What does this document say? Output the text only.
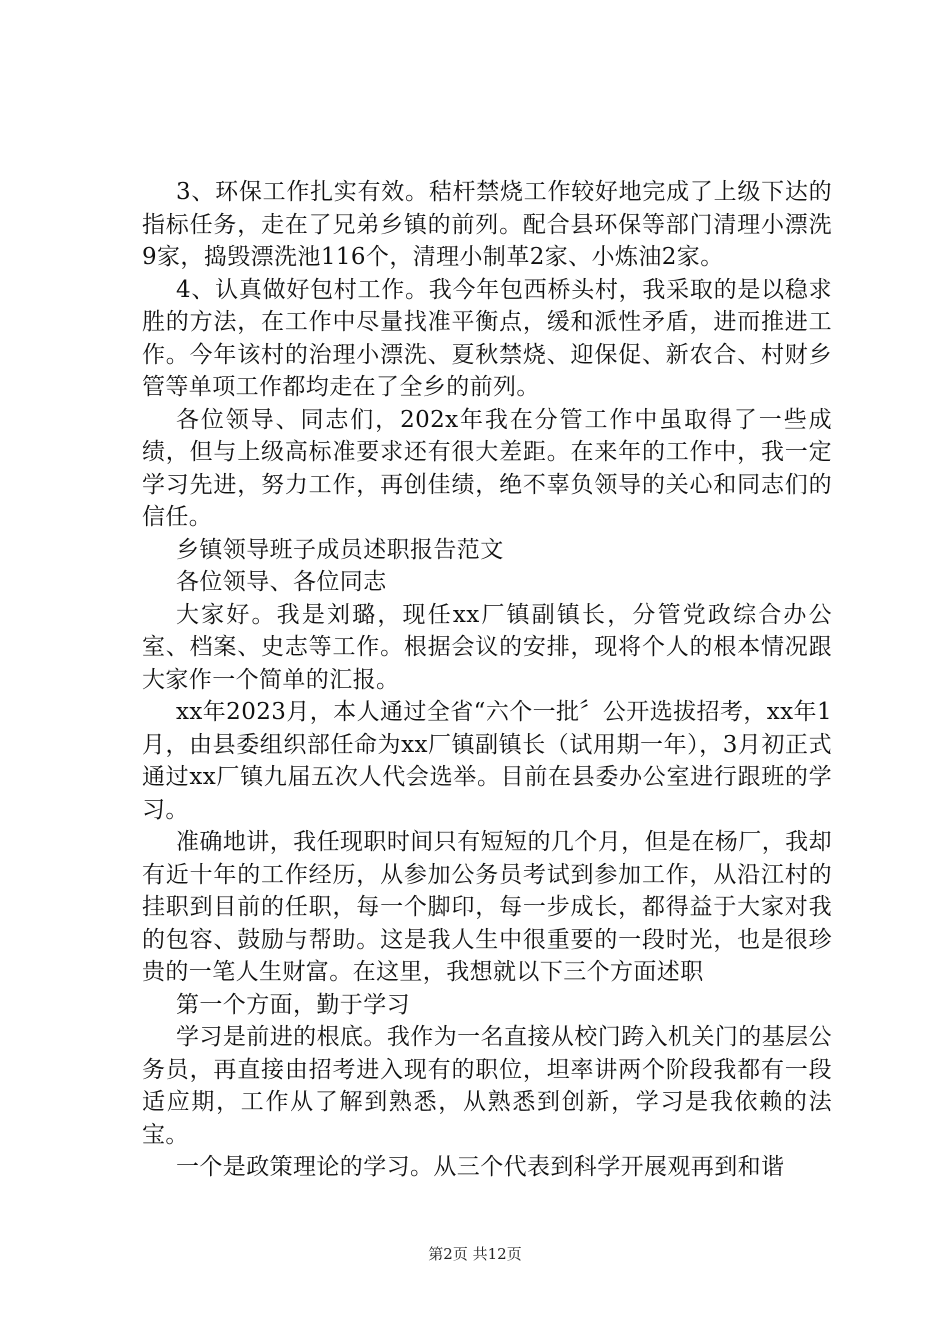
3、环保工作扎实有效。秸杆禁烧工作较好地完成了上级下达的指标任务，走在了兄弟乡镇的前列。配合县环保等部门清理小漂洗9家，捣毁漂洗池116个，清理小制革2家、小炼油2家。

4、认真做好包村工作。我今年包西桥头村，我采取的是以稳求胜的方法，在工作中尽量找准平衡点，缓和派性矛盾，进而推进工作。今年该村的治理小漂洗、夏秋禁烧、迎保促、新农合、村财乡管等单项工作都均走在了全乡的前列。

各位领导、同志们，202x年我在分管工作中虽取得了一些成绩，但与上级高标准要求还有很大差距。在来年的工作中，我一定学习先进，努力工作，再创佳绩，绝不辜负领导的关心和同志们的信任。

乡镇领导班子成员述职报告范文

各位领导、各位同志

大家好。我是刘璐，现任xx厂镇副镇长，分管党政综合办公室、档案、史志等工作。根据会议的安排，现将个人的根本情况跟大家作一个简单的汇报。

xx年2023月，本人通过全省“六个一批〞公开选拔招考，xx年1月，由县委组织部任命为xx厂镇副镇长（试用期一年），3月初正式通过xx厂镇九届五次人代会选举。目前在县委办公室进行跟班的学习。

准确地讲，我任现职时间只有短短的几个月，但是在杨厂，我却有近十年的工作经历，从参加公务员考试到参加工作，从沿江村的挂职到目前的任职，每一个脚印，每一步成长，都得益于大家对我的包容、鼓励与帮助。这是我人生中很重要的一段时光，也是很珍贵的一笔人生财富。在这里，我想就以下三个方面述职

第一个方面，勤于学习

学习是前进的根底。我作为一名直接从校门跨入机关门的基层公务员，再直接由招考进入现有的职位，坦率讲两个阶段我都有一段适应期，工作从了解到熟悉，从熟悉到创新，学习是我依赖的法宝。

一个是政策理论的学习。从三个代表到科学开展观再到和谐

第2页 共12页
